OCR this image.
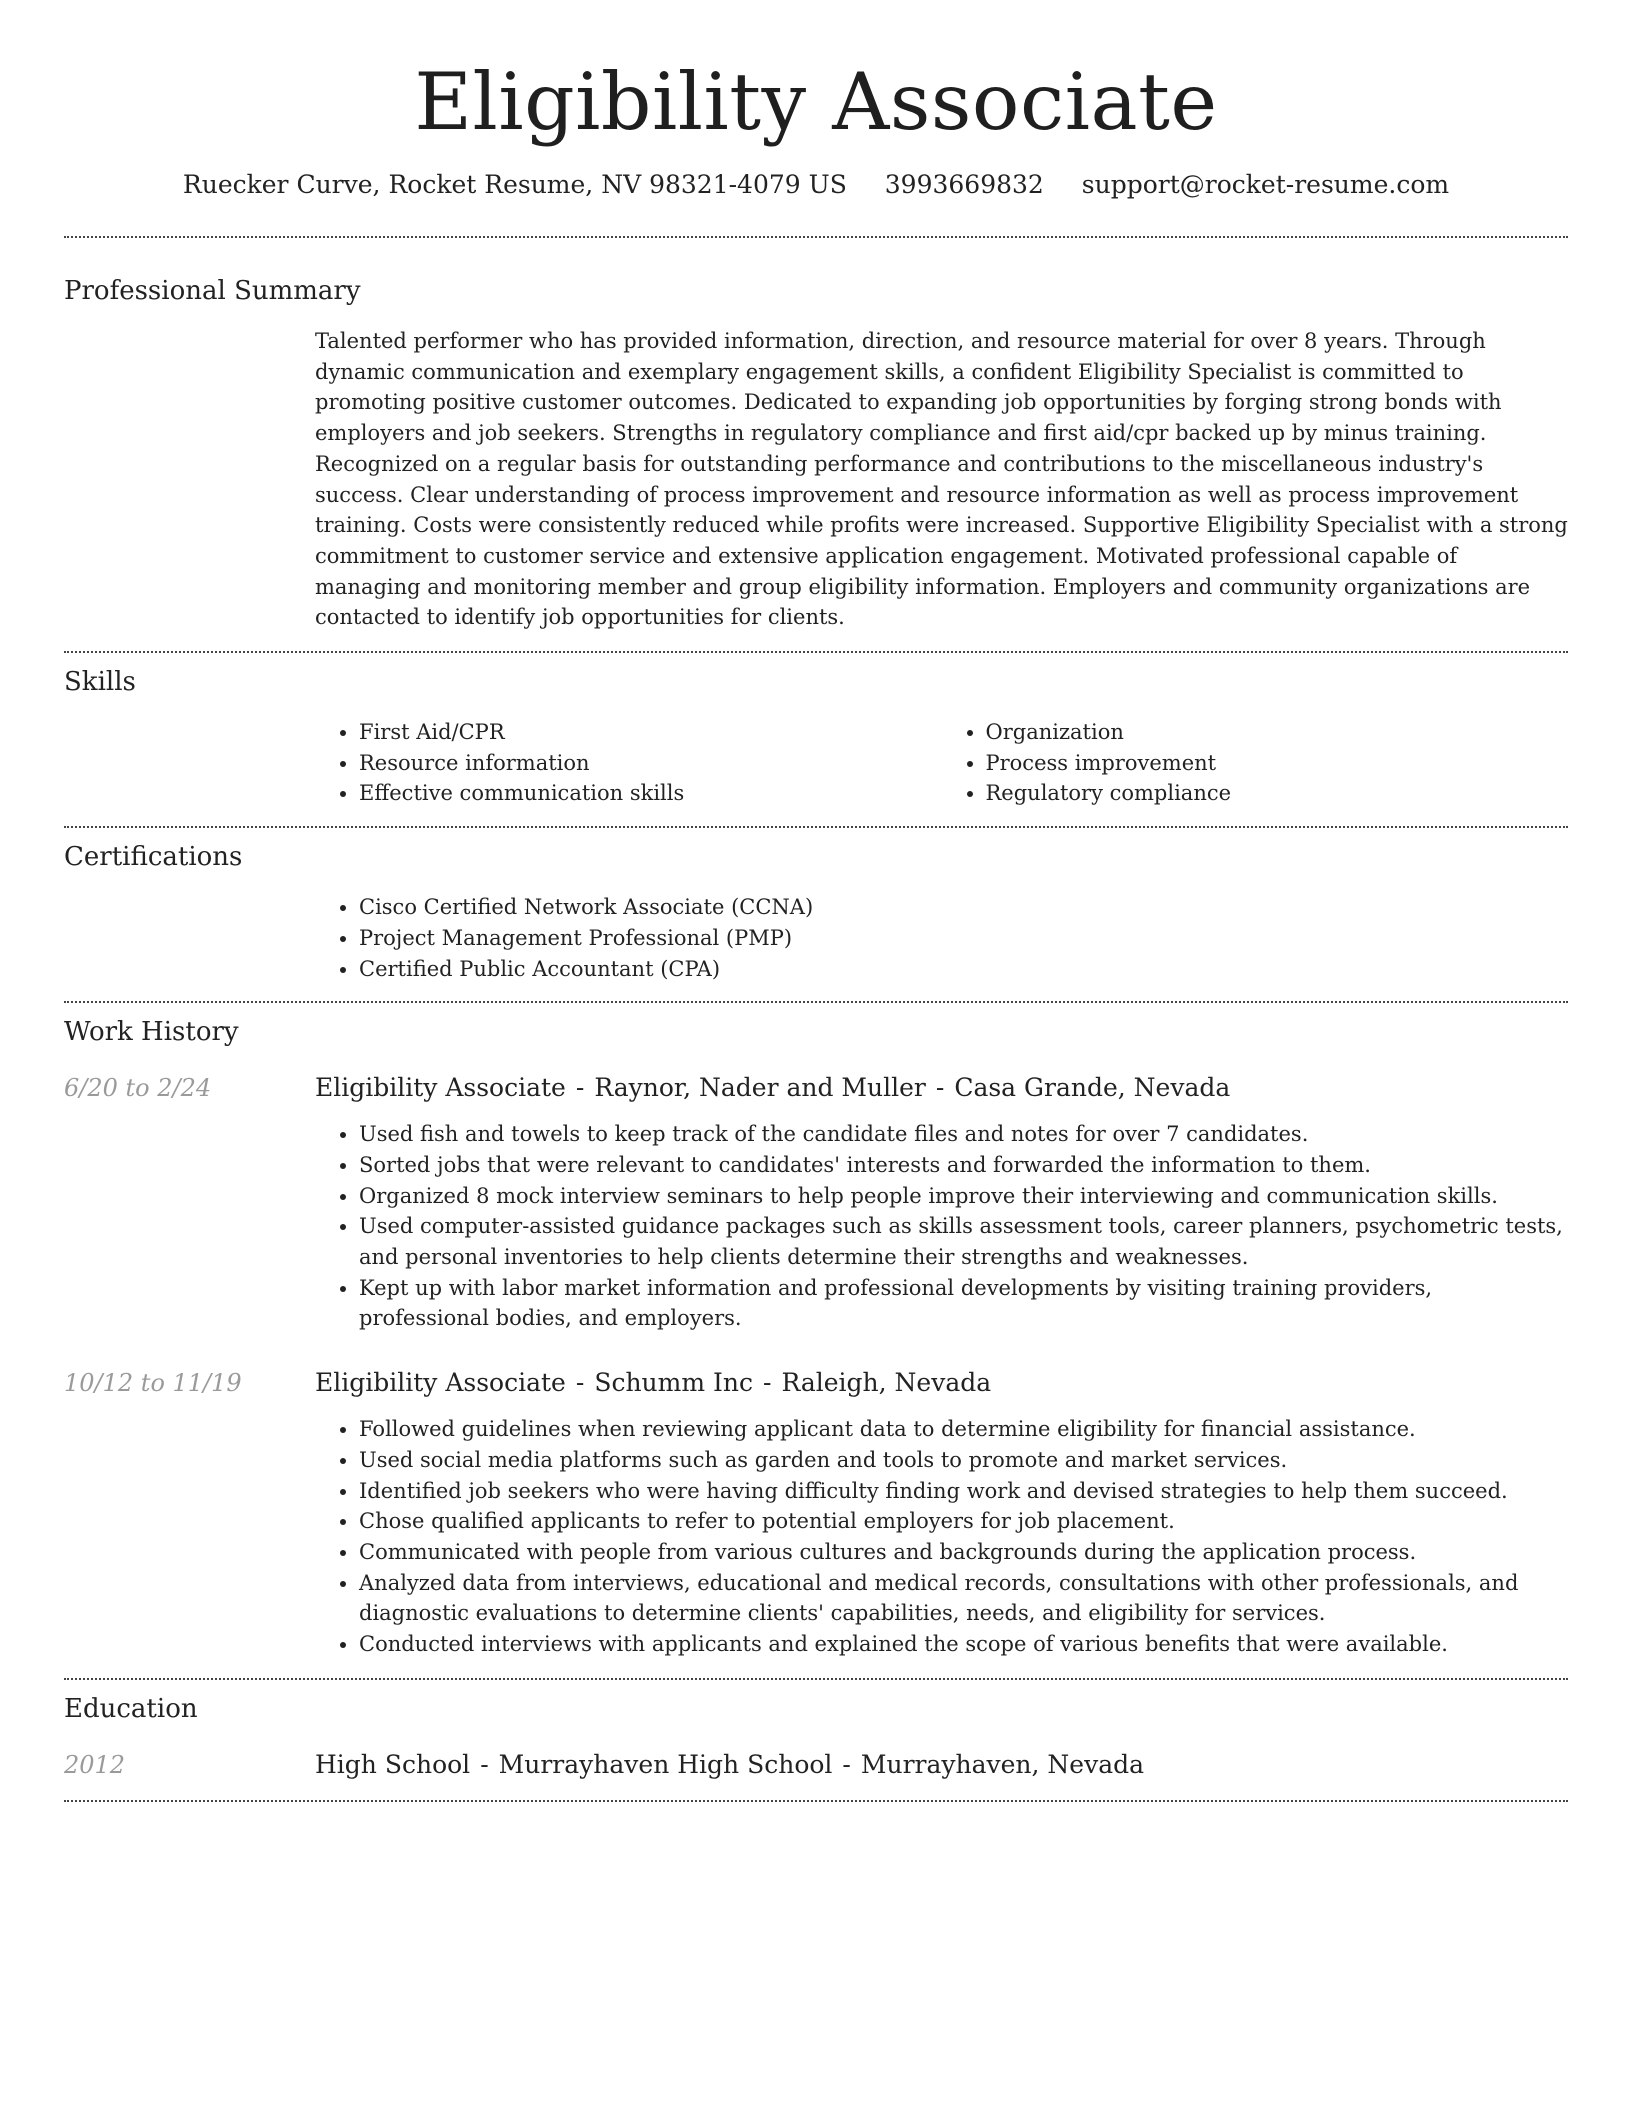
Eligibility Associate
Ruecker Curve, Rocket Resume, NV 98321-4079 US 3993669832 support@rocket-resume.com
Professional Summary

Talented performer who has provided information, direction, and resource material for over 8 years. Through dynamic communication and exemplary engagement skills, a confident Eligibility Specialist is committed to promoting positive customer outcomes. Dedicated to expanding job opportunities by forging strong bonds with employers and job seekers. Strengths in regulatory compliance and first aid/cpr backed up by minus training. Recognized on a regular basis for outstanding performance and contributions to the miscellaneous industry's success. Clear understanding of process improvement and resource information as well as process improvement training. Costs were consistently reduced while profits were increased. Supportive Eligibility Specialist with a strong commitment to customer service and extensive application engagement. Motivated professional capable of managing and monitoring member and group eligibility information. Employers and community organizations are contacted to identify job opportunities for clients.

Skills
• First Aid/CPR
• Resource information
• Effective communication skills
• Organization
• Process improvement
• Regulatory compliance
Certifications
• Cisco Certified Network Associate (CCNA)
• Project Management Professional (PMP)
• Certified Public Accountant (CPA)
Work History
6/20 to 2/24	Eligibility Associate - Raynor, Nader and Muller - Casa Grande, Nevada
• Used fish and towels to keep track of the candidate files and notes for over 7 candidates.
• Sorted jobs that were relevant to candidates' interests and forwarded the information to them.
• Organized 8 mock interview seminars to help people improve their interviewing and communication skills.
• Used computer-assisted guidance packages such as skills assessment tools, career planners, psychometric tests, and personal inventories to help clients determine their strengths and weaknesses.
• Kept up with labor market information and professional developments by visiting training providers, professional bodies, and employers.
10/12 to 11/19	Eligibility Associate - Schumm Inc - Raleigh, Nevada
• Followed guidelines when reviewing applicant data to determine eligibility for financial assistance.
• Used social media platforms such as garden and tools to promote and market services.
• Identified job seekers who were having difficulty finding work and devised strategies to help them succeed.
• Chose qualified applicants to refer to potential employers for job placement.
• Communicated with people from various cultures and backgrounds during the application process.
• Analyzed data from interviews, educational and medical records, consultations with other professionals, and diagnostic evaluations to determine clients' capabilities, needs, and eligibility for services.
• Conducted interviews with applicants and explained the scope of various benefits that were available.
Education
2012	High School - Murrayhaven High School - Murrayhaven, Nevada
